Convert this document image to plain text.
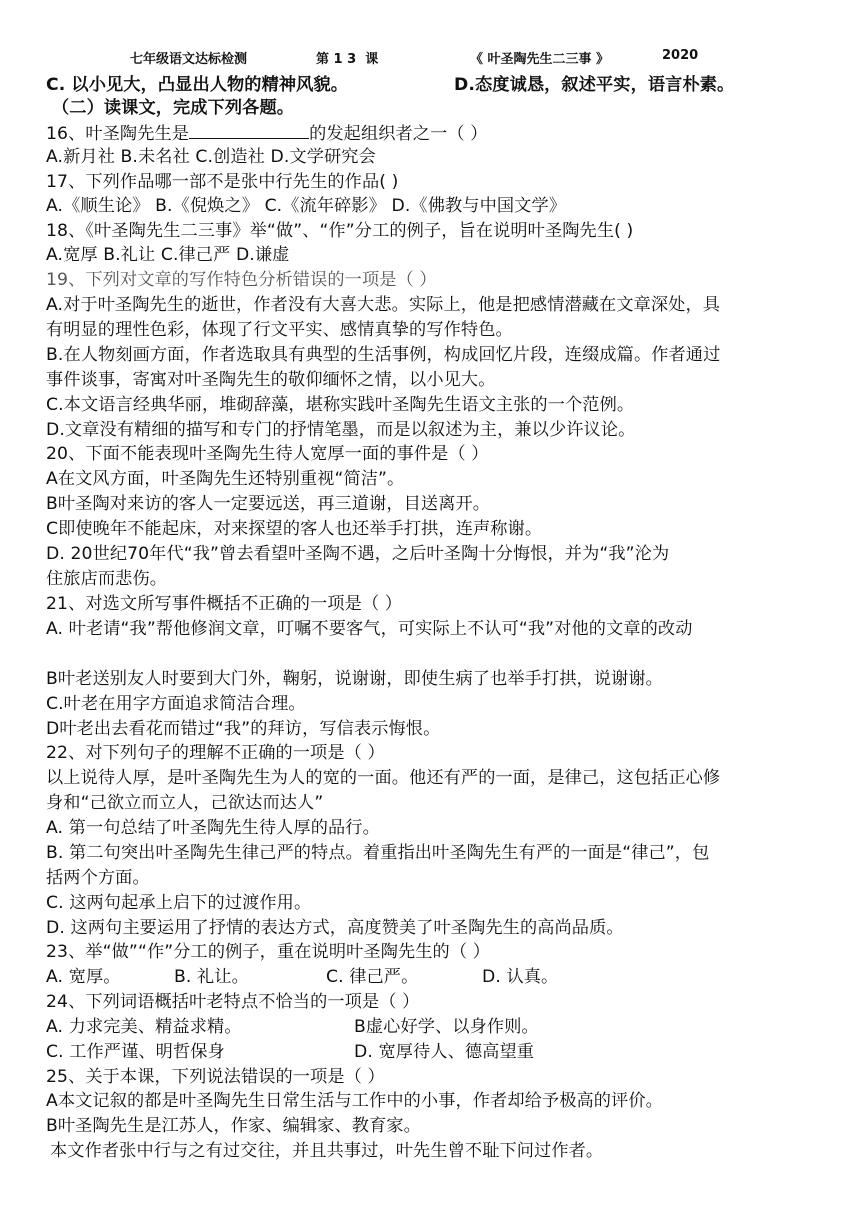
七年级语文达标检测

	第 1 3  课

	《 叶圣陶先生二三事 》

	2020

C. 以小见大，凸显出人物的精神风貌。	D.态度诚恳，叙述平实，语言朴素。
（二）读课文，完成下列各题。
16、叶圣陶先生是	的发起组织者之一（ ）
A.新月社 B.未名社 C.创造社 D.文学研究会
17、下列作品哪一部不是张中行先生的作品( )
A.《顺生论》 B.《倪焕之》 C.《流年碎影》 D.《佛教与中国文学》
18、《叶圣陶先生二三事》举“做”、“作”分工的例子，旨在说明叶圣陶先生( )
A.宽厚 B.礼让 C.律己严 D.谦虚
19、下列对文章的写作特色分析错误的一项是（ ）
A.对于叶圣陶先生的逝世，作者没有大喜大悲。实际上，他是把感情潜藏在文章深处，具
有明显的理性色彩，体现了行文平实、感情真挚的写作特色。
B.在人物刻画方面，作者选取具有典型的生活事例，构成回忆片段，连缀成篇。作者通过
事件谈事，寄寓对叶圣陶先生的敬仰缅怀之情，以小见大。
C.本文语言经典华丽，堆砌辞藻，堪称实践叶圣陶先生语文主张的一个范例。
D.文章没有精细的描写和专门的抒情笔墨，而是以叙述为主，兼以少许议论。
20、下面不能表现叶圣陶先生待人宽厚一面的事件是（ ）
A在文风方面，叶圣陶先生还特别重视“简洁”。
B叶圣陶对来访的客人一定要远送，再三道谢，目送离开。
C即使晚年不能起床，对来探望的客人也还举手打拱，连声称谢。
D. 20世纪70年代“我”曾去看望叶圣陶不遇，之后叶圣陶十分悔恨，并为“我”沦为
住旅店而悲伤。
21、对选文所写事件概括不正确的一项是（ ）
A. 叶老请“我”帮他修润文章，叮嘱不要客气，可实际上不认可“我”对他的文章的改动
B叶老送别友人时要到大门外，鞠躬，说谢谢，即使生病了也举手打拱，说谢谢。
C.叶老在用字方面追求简洁合理。
D叶老出去看花而错过“我”的拜访，写信表示悔恨。
22、对下列句子的理解不正确的一项是（ ）
以上说待人厚，是叶圣陶先生为人的宽的一面。他还有严的一面，是律己，这包括正心修
身和“己欲立而立人，己欲达而达人”
A. 第一句总结了叶圣陶先生待人厚的品行。
B. 第二句突出叶圣陶先生律己严的特点。着重指出叶圣陶先生有严的一面是“律己”，包
括两个方面。
C. 这两句起承上启下的过渡作用。
D. 这两句主要运用了抒情的表达方式，高度赞美了叶圣陶先生的高尚品质。
23、举“做”“作”分工的例子，重在说明叶圣陶先生的（ ）
A. 宽厚。	B. 礼让。	C. 律己严。	D. 认真。
24、下列词语概括叶老特点不恰当的一项是（ ）
A. 力求完美、精益求精。	B虚心好学、以身作则。
C. 工作严谨、明哲保身	D. 宽厚待人、德高望重
25、关于本课，下列说法错误的一项是（ ）
A本文记叙的都是叶圣陶先生日常生活与工作中的小事，作者却给予极高的评价。
B叶圣陶先生是江苏人，作家、编辑家、教育家。
本文作者张中行与之有过交往，并且共事过，叶先生曾不耻下问过作者。
